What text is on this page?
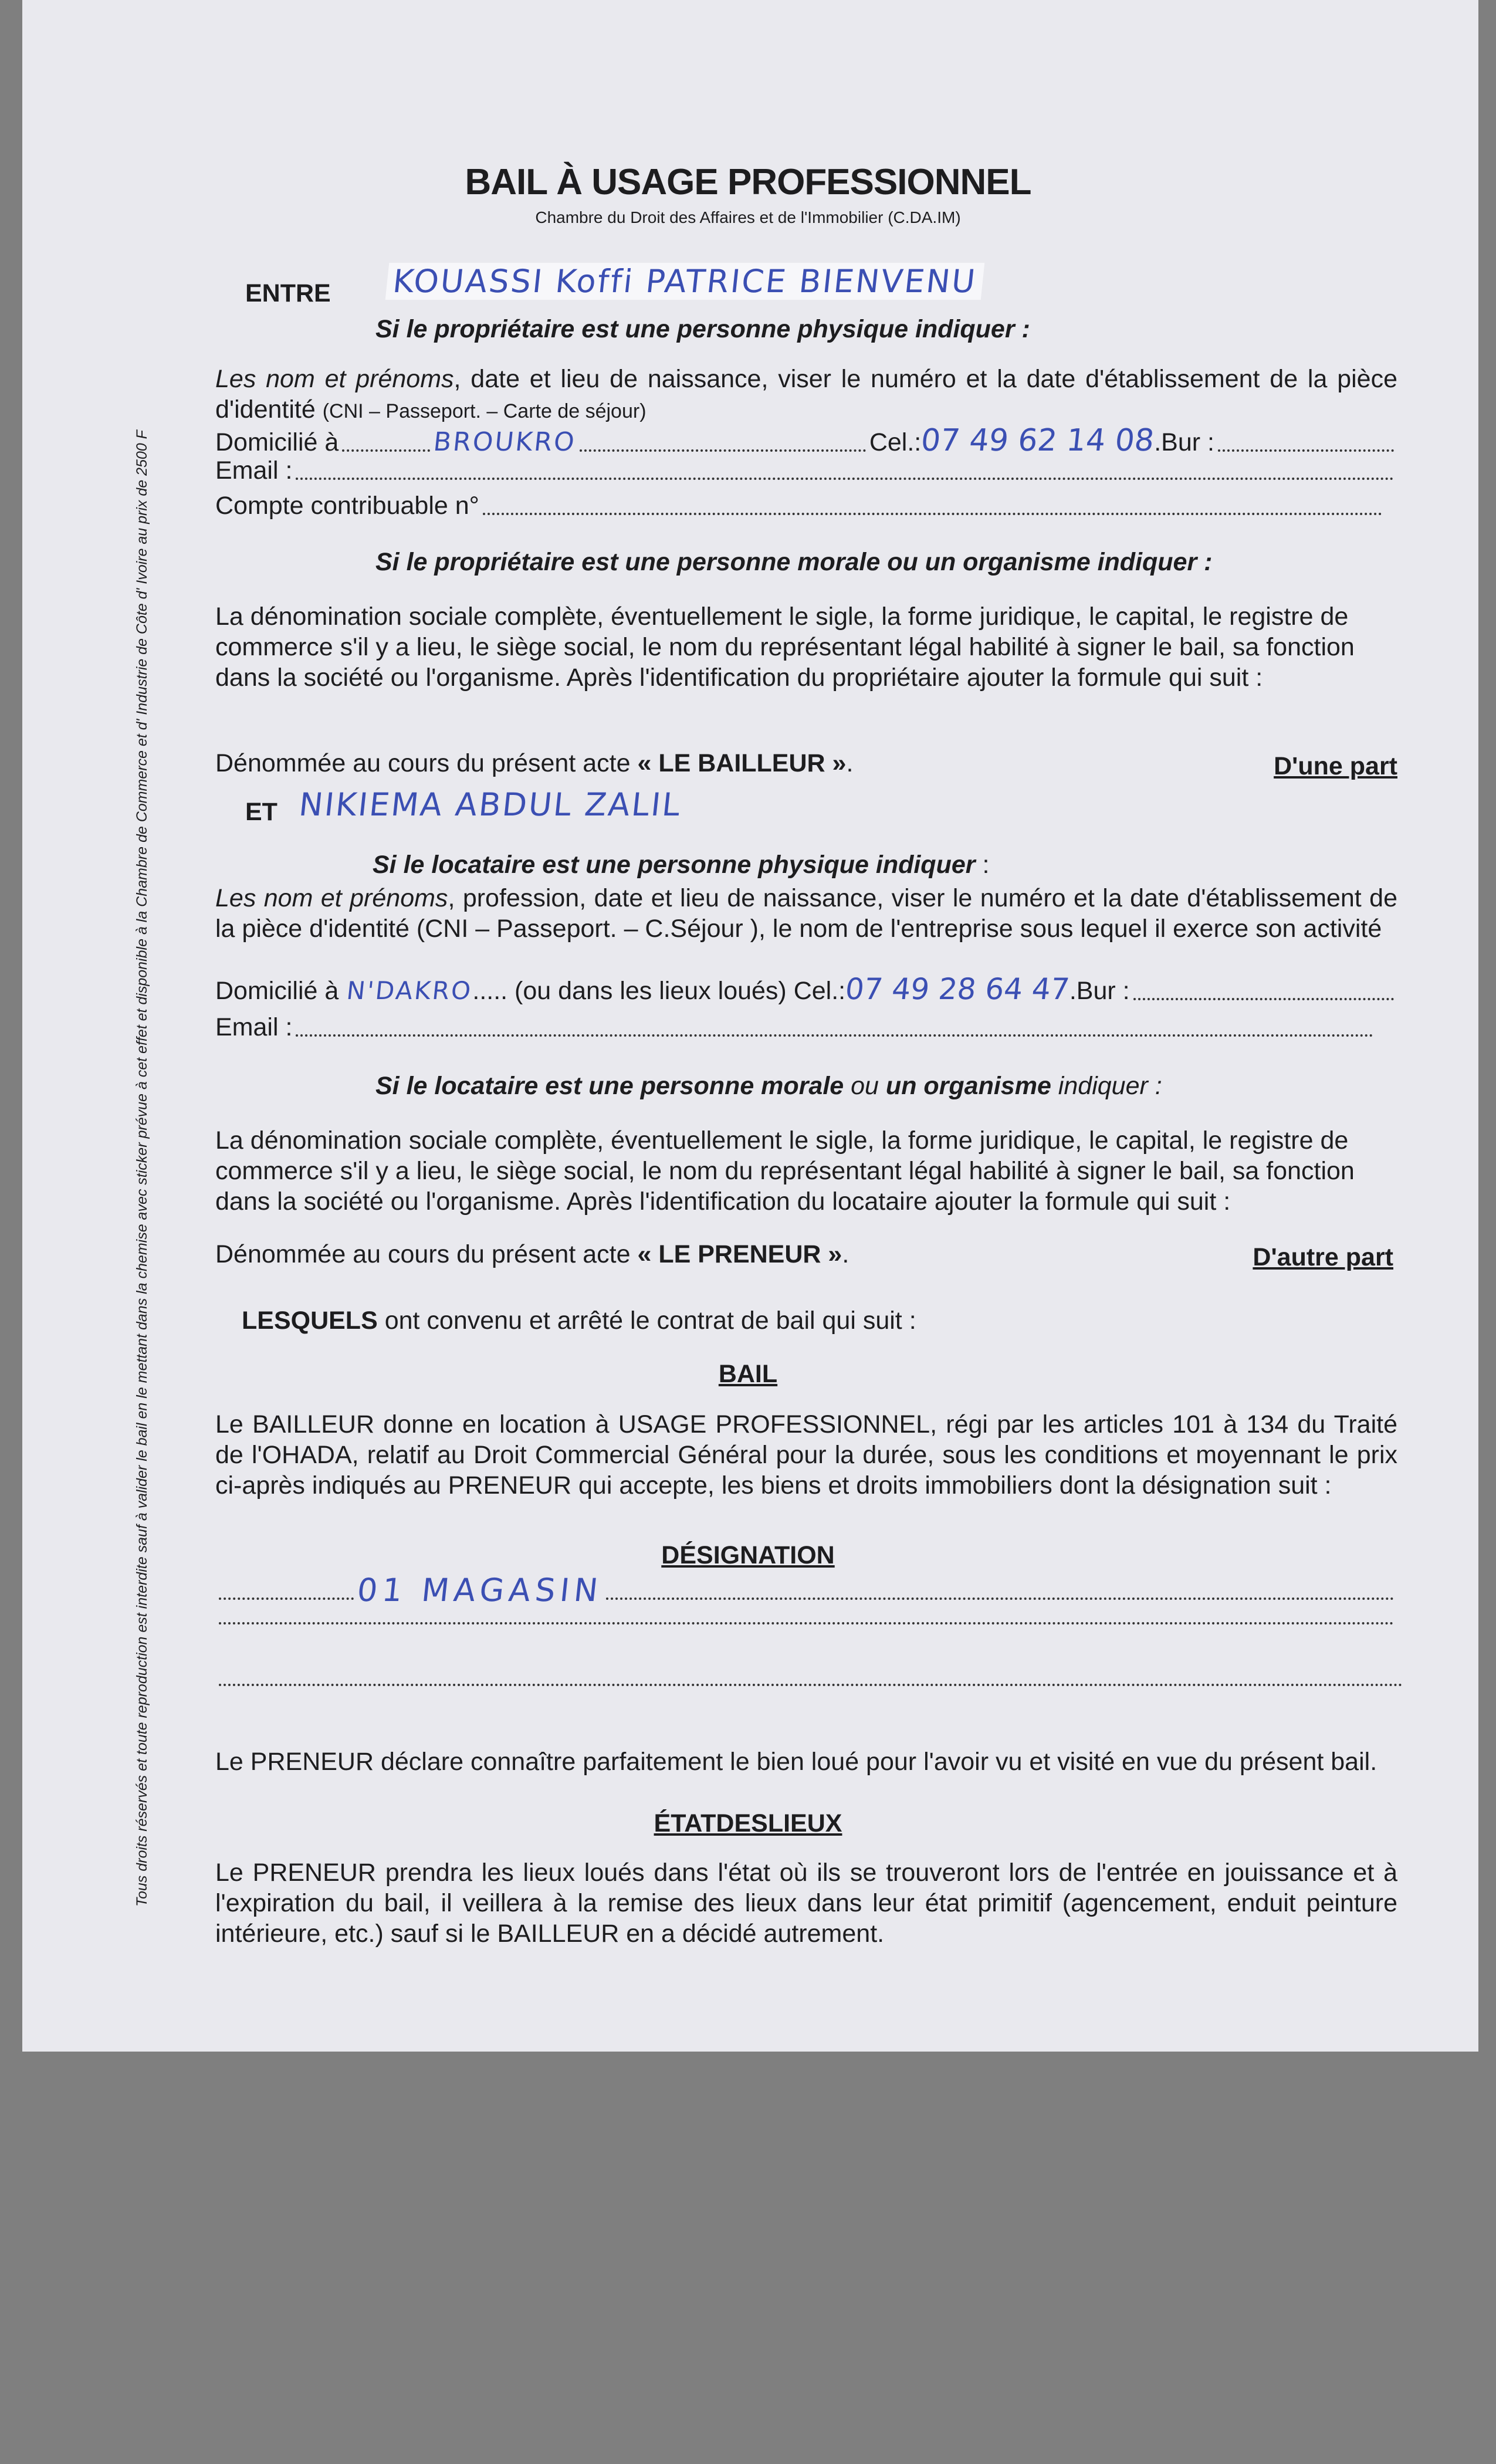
Tous droits réservés et toute reproduction est interdite sauf à valider le bail en le mettant dans la chemise avec sticker prévue à cet effet et disponible à la Chambre de Commerce et d' Industrie de Côte d' Ivoire au prix de 2500 F
BAIL À USAGE PROFESSIONNEL
Chambre du Droit des Affaires et de l'Immobilier (C.DA.IM)
ENTRE KOUASSI Koffi PATRICE BIENVENU
Si le propriétaire est une personne physique indiquer :
Les nom et prénoms, date et lieu de naissance, viser le numéro et la date d'établissement de la pièce d'identité (CNI – Passeport. – Carte de séjour)
Domicilié à	BROUKRO	Cel.:
07 49 62 14 08
.Bur :
Email :
Compte contribuable n°
Si le propriétaire est une personne morale ou un organisme indiquer :
La dénomination sociale complète, éventuellement le sigle, la forme juridique, le capital, le registre de commerce s'il y a lieu, le siège social, le nom du représentant légal habilité à signer le bail, sa fonction dans la société ou l'organisme. Après l'identification du propriétaire ajouter la formule qui suit :
Dénommée au cours du présent acte « LE BAILLEUR ».	D'une part
ET NIKIEMA ABDUL ZALIL
Si le locataire est une personne physique indiquer :
Les nom et prénoms, profession, date et lieu de naissance, viser le numéro et la date d'établissement de la pièce d'identité (CNI – Passeport. – C.Séjour ), le nom de l'entreprise sous lequel il exerce son activité
Domicilié à N'DAKRO
..... (ou dans les lieux loués) Cel.:
07 49 28 64 47
.Bur :
Email :
Si le locataire est une personne morale ou un organisme indiquer :
La dénomination sociale complète, éventuellement le sigle, la forme juridique, le capital, le registre de commerce s'il y a lieu, le siège social, le nom du représentant légal habilité à signer le bail, sa fonction dans la société ou l'organisme. Après l'identification du locataire ajouter la formule qui suit :
Dénommée au cours du présent acte « LE PRENEUR ».	D'autre part
LESQUELS ont convenu et arrêté le contrat de bail qui suit :
BAIL
Le BAILLEUR donne en location à USAGE PROFESSIONNEL, régi par les articles 101 à 134 du Traité de l'OHADA, relatif au Droit Commercial Général pour la durée, sous les conditions et moyennant le prix ci-après indiqués au PRENEUR qui accepte, les biens et droits immobiliers dont la désignation suit :
DÉSIGNATION
01 MAGASIN
Le PRENEUR déclare connaître parfaitement le bien loué pour l'avoir vu et visité en vue du présent bail.
ÉTATDESLIEUX
Le PRENEUR prendra les lieux loués dans l'état où ils se trouveront lors de l'entrée en jouissance et à l'expiration du bail, il veillera à la remise des lieux dans leur état primitif (agencement, enduit peinture intérieure, etc.) sauf si le BAILLEUR en a décidé autrement.
